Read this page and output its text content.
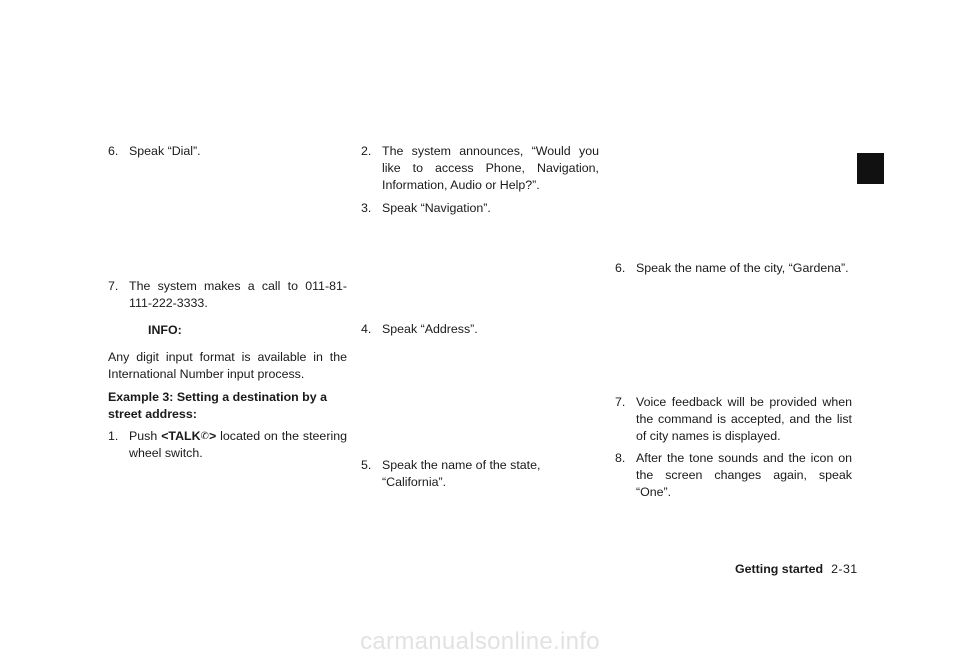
6. Speak “Dial”.

7. The system makes a call to 011-81-111-222-3333.

INFO:

Any digit input format is available in the International Number input process.

Example 3: Setting a destination by a street address:

1. Push <TALK✆> located on the steering wheel switch.

2. The system announces, “Would you like to access Phone, Navigation, Information, Audio or Help?”.

3. Speak “Navigation”.

4. Speak “Address”.

5. Speak the name of the state, “California”.

6. Speak the name of the city, “Gardena”.

7. Voice feedback will be provided when the command is accepted, and the list of city names is displayed.

8. After the tone sounds and the icon on the screen changes again, speak “One”.

Getting started 2-31
carmanualsonline.info
